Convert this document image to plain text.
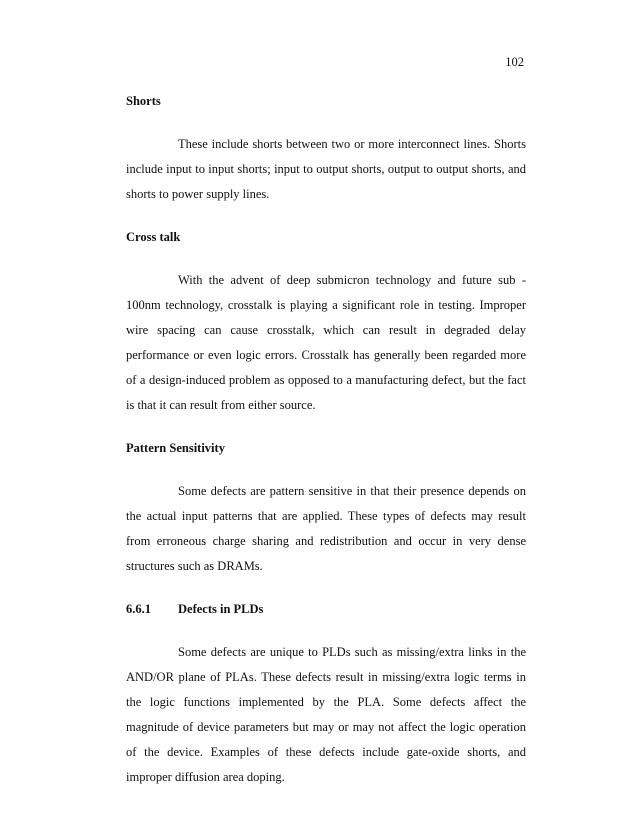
102
Shorts

These include shorts between two or more interconnect lines. Shorts include input to input shorts; input to output shorts, output to output shorts, and shorts to power supply lines.

Cross talk

With the advent of deep submicron technology and future sub - 100nm technology, crosstalk is playing a significant role in testing. Improper wire spacing can cause crosstalk, which can result in degraded delay performance or even logic errors. Crosstalk has generally been regarded more of a design-induced problem as opposed to a manufacturing defect, but the fact is that it can result from either source.

Pattern Sensitivity

Some defects are pattern sensitive in that their presence depends on the actual input patterns that are applied. These types of defects may result from erroneous charge sharing and redistribution and occur in very dense structures such as DRAMs.

6.6.1	Defects in PLDs

Some defects are unique to PLDs such as missing/extra links in the AND/OR plane of PLAs. These defects result in missing/extra logic terms in the logic functions implemented by the PLA. Some defects affect the magnitude of device parameters but may or may not affect the logic operation of the device. Examples of these defects include gate-oxide shorts, and improper diffusion area doping.
